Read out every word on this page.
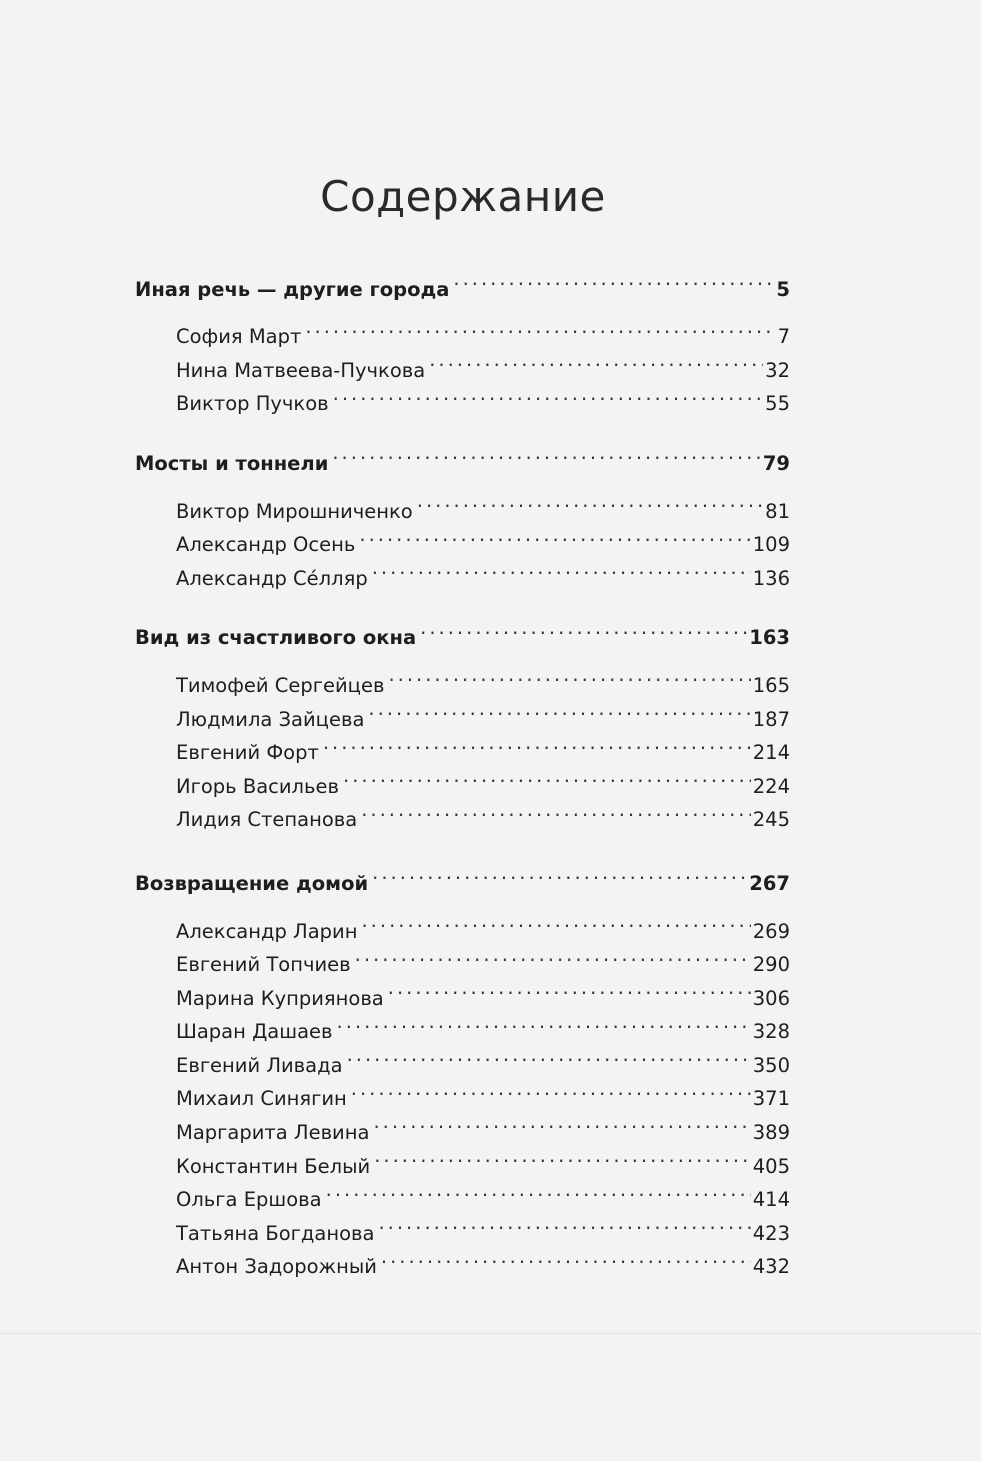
Содержание
Иная речь — другие города . . .	5
София Март . . .	7
Нина Матвеева-Пучкова . . .	32
Виктор Пучков . . .	55
Мосты и тоннели . . .	79
Виктор Мирошниченко . . .	81
Александр Осень . . .	109
Александр Се́лляр . . .	136
Вид из счастливого окна . . .	163
Тимофей Сергейцев . . .	165
Людмила Зайцева . . .	187
Евгений Форт . . .	214
Игорь Васильев . . .	224
Лидия Степанова . . .	245
Возвращение домой . . .	267
Александр Ларин . . .	269
Евгений Топчиев . . .	290
Марина Куприянова . . .	306
Шаран Дашаев . . .	328
Евгений Ливада . . .	350
Михаил Синягин . . .	371
Маргарита Левина . . .	389
Константин Белый . . .	405
Ольга Ершова . . .	414
Татьяна Богданова . . .	423
Антон Задорожный . . .	432
